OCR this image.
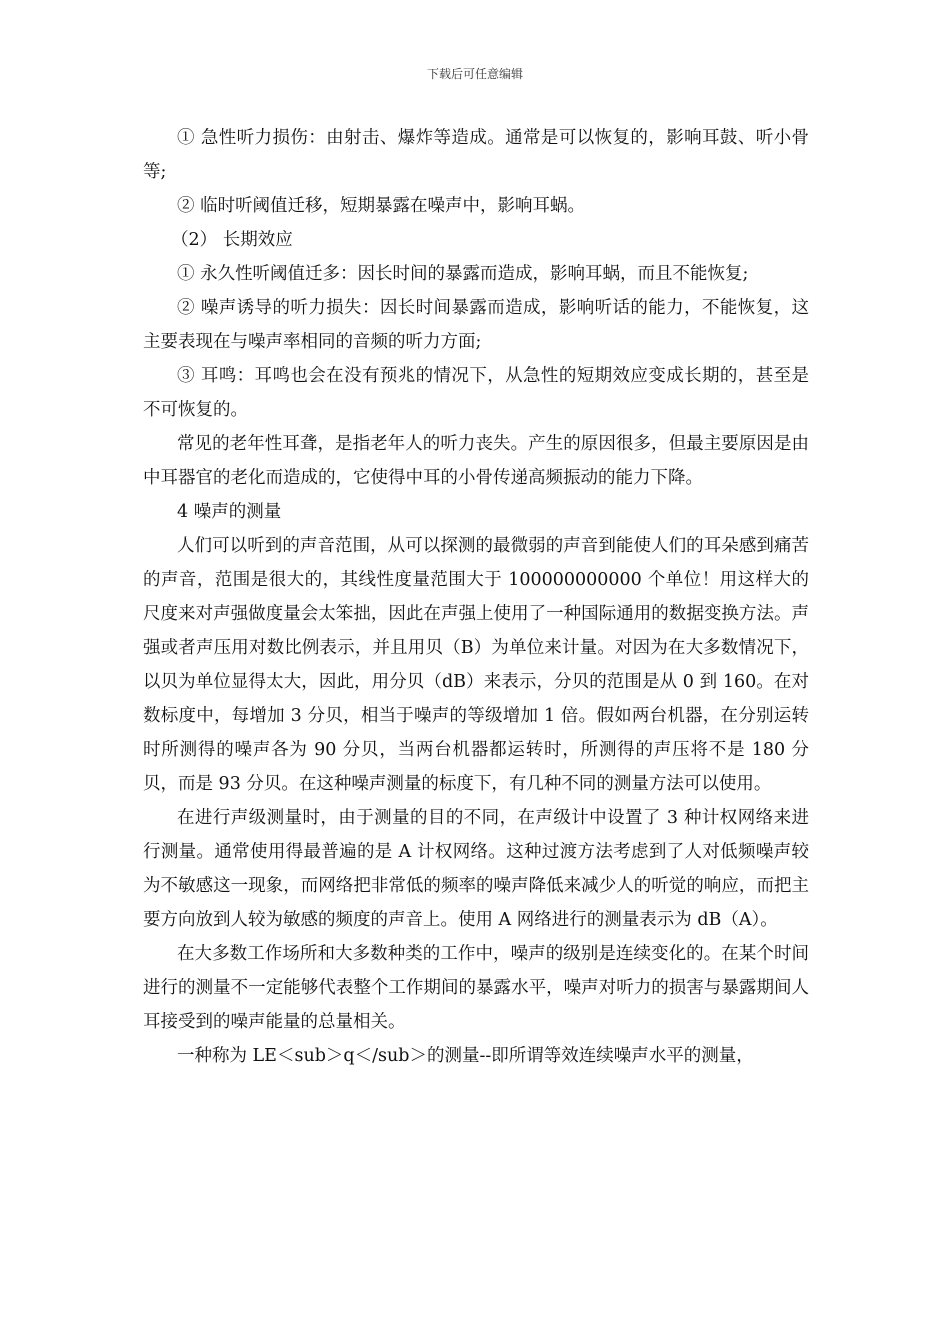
下载后可任意编辑

① 急性听力损伤：由射击、爆炸等造成。通常是可以恢复的，影响耳鼓、听小骨等;

② 临时听阈值迁移，短期暴露在噪声中，影响耳蜗。

（2） 长期效应

① 永久性听阈值迁多：因长时间的暴露而造成，影响耳蜗，而且不能恢复;

② 噪声诱导的听力损失：因长时间暴露而造成，影响听话的能力，不能恢复，这主要表现在与噪声率相同的音频的听力方面;

③ 耳鸣：耳鸣也会在没有预兆的情况下，从急性的短期效应变成长期的，甚至是不可恢复的。

常见的老年性耳聋，是指老年人的听力丧失。产生的原因很多，但最主要原因是由中耳器官的老化而造成的，它使得中耳的小骨传递高频振动的能力下降。

4 噪声的测量

人们可以听到的声音范围，从可以探测的最微弱的声音到能使人们的耳朵感到痛苦的声音，范围是很大的，其线性度量范围大于 100000000000 个单位！用这样大的尺度来对声强做度量会太笨拙，因此在声强上使用了一种国际通用的数据变换方法。声强或者声压用对数比例表示，并且用贝（B）为单位来计量。对因为在大多数情况下，以贝为单位显得太大，因此，用分贝（dB）来表示，分贝的范围是从 0 到 160。在对数标度中，每增加 3 分贝，相当于噪声的等级增加 1 倍。假如两台机器，在分别运转时所测得的噪声各为 90 分贝，当两台机器都运转时，所测得的声压将不是 180 分贝，而是 93 分贝。在这种噪声测量的标度下，有几种不同的测量方法可以使用。

在进行声级测量时，由于测量的目的不同，在声级计中设置了 3 种计权网络来进行测量。通常使用得最普遍的是 A 计权网络。这种过渡方法考虑到了人对低频噪声较为不敏感这一现象，而网络把非常低的频率的噪声降低来减少人的听觉的响应，而把主要方向放到人较为敏感的频度的声音上。使用 A 网络进行的测量表示为 dB（A）。

在大多数工作场所和大多数种类的工作中，噪声的级别是连续变化的。在某个时间进行的测量不一定能够代表整个工作期间的暴露水平，噪声对听力的损害与暴露期间人耳接受到的噪声能量的总量相关。

一种称为 LE＜sub＞q＜/sub＞的测量--即所谓等效连续噪声水平的测量，
